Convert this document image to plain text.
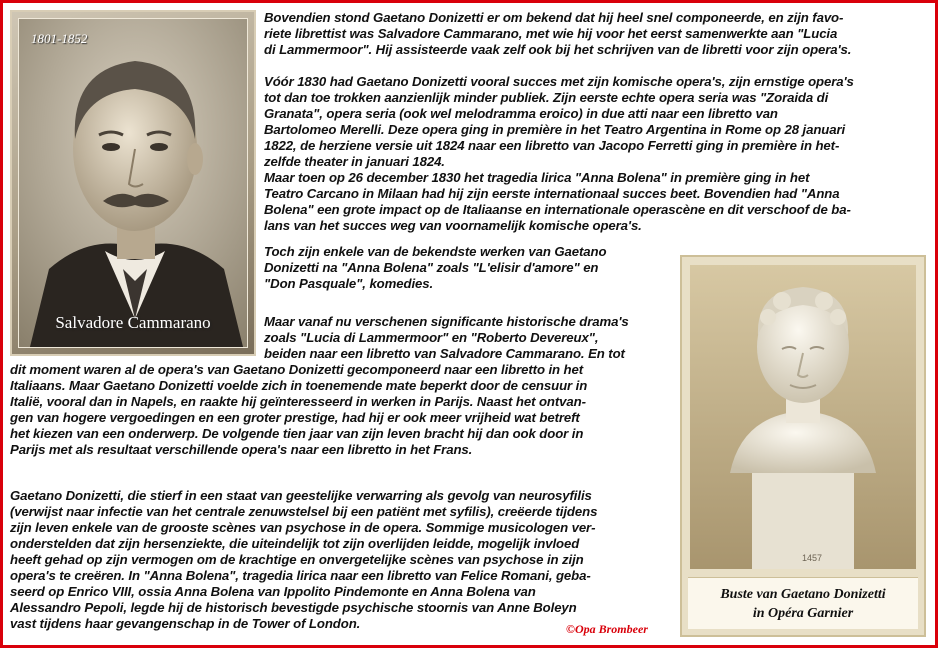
1801-1852
Salvadore Cammarano

Bovendien stond Gaetano Donizetti er om bekend dat hij heel snel componeerde, en zijn favo-

riete librettist was Salvadore Cammarano, met wie hij voor het eerst samenwerkte aan "Lucia

di Lammermoor". Hij assisteerde vaak zelf ook bij het schrijven van de libretti voor zijn opera's.

Vóór 1830 had Gaetano Donizetti vooral succes met zijn komische opera's, zijn ernstige opera's

tot dan toe trokken aanzienlijk minder publiek. Zijn eerste echte opera seria was "Zoraida di

Granata", opera seria (ook wel melodramma eroico) in due atti naar een libretto van

Bartolomeo Merelli. Deze opera ging in première in het Teatro Argentina in Rome op 28 januari

1822, de herziene versie uit 1824 naar een libretto van Jacopo Ferretti ging in première in het-

zelfde theater in januari 1824.

Maar toen op 26 december 1830 het tragedia lirica "Anna Bolena" in première ging in het

Teatro Carcano in Milaan had hij zijn eerste internationaal succes beet. Bovendien had "Anna

Bolena" een grote impact op de Italiaanse en internationale operascène en dit verschoof de ba-

lans van het succes weg van voornamelijk komische opera's.

Toch zijn enkele van de bekendste werken van Gaetano

Donizetti na "Anna Bolena" zoals "L'elisir d'amore" en

"Don Pasquale", komedies.

Maar vanaf nu verschenen significante historische drama's

zoals "Lucia di Lammermoor" en "Roberto Devereux",

beiden naar een libretto van Salvadore Cammarano. En tot

dit moment waren al de opera's van Gaetano Donizetti gecomponeerd naar een libretto in het

Italiaans. Maar Gaetano Donizetti voelde zich in toenemende mate beperkt door de censuur in

Italië, vooral dan in Napels, en raakte hij geïnteresseerd in werken in Parijs. Naast het ontvan-

gen van hogere vergoedingen en een groter prestige, had hij er ook meer vrijheid wat betreft

het kiezen van een onderwerp. De volgende tien jaar van zijn leven bracht hij dan ook door in

Parijs met als resultaat verschillende opera's naar een libretto in het Frans.

Gaetano Donizetti, die stierf in een staat van geestelijke verwarring als gevolg van neurosyfilis

(verwijst naar infectie van het centrale zenuwstelsel bij een patiënt met syfilis), creëerde tijdens

zijn leven enkele van de grooste scènes van psychose in de opera. Sommige musicologen ver-

onderstelden dat zijn hersenziekte, die uiteindelijk tot zijn overlijden leidde, mogelijk invloed

heeft gehad op zijn vermogen om de krachtige en onvergetelijke scènes van psychose in zijn

opera's te creëren. In "Anna Bolena", tragedia lirica naar een libretto van Felice Romani, geba-

seerd op Enrico VIII, ossia Anna Bolena van Ippolito Pindemonte en Anna Bolena van

Alessandro Pepoli, legde hij de historisch bevestigde psychische stoornis van Anne Boleyn

vast tijdens haar gevangenschap in de Tower of London.

1457
Buste van Gaetano Donizetti
in Opéra Garnier
©Opa Brombeer
